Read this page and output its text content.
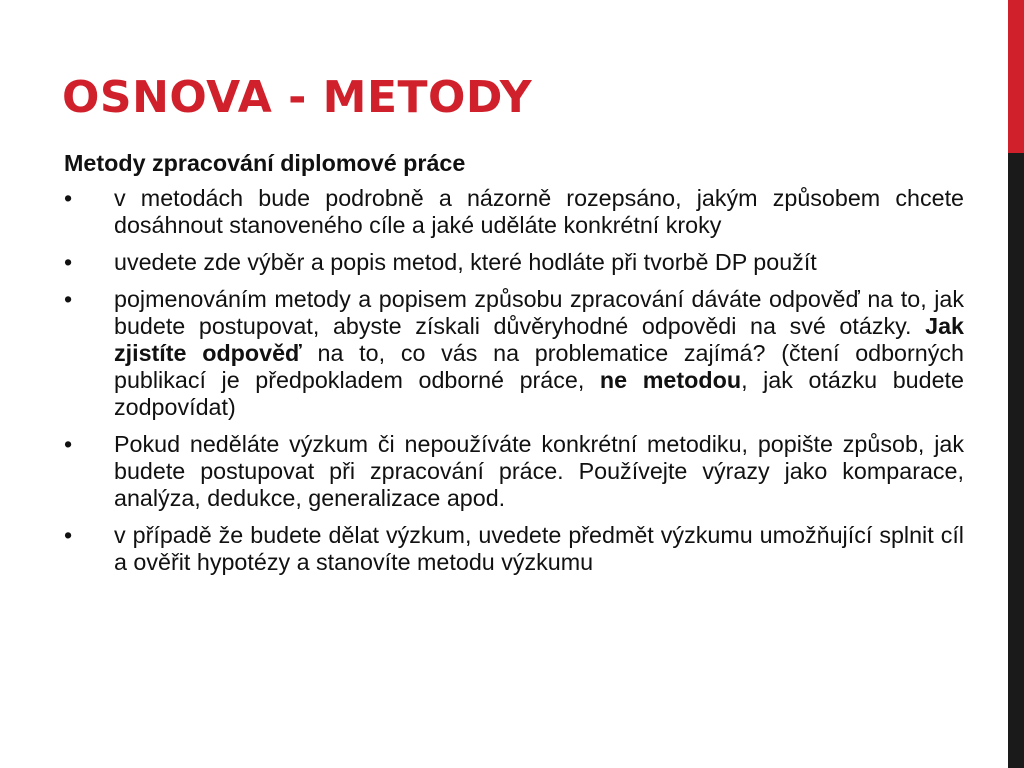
OSNOVA - METODY

Metody zpracování diplomové práce

• v metodách bude podrobně a názorně rozepsáno, jakým způsobem chcete dosáhnout stanoveného cíle a jaké uděláte konkrétní kroky
• uvedete zde výběr a popis metod, které hodláte při tvorbě DP použít
• pojmenováním metody a popisem způsobu zpracování dáváte odpověď na to, jak budete postupovat, abyste získali důvěryhodné odpovědi na své otázky. Jak zjistíte odpověď na to, co vás na problematice zajímá? (čtení odborných publikací je předpokladem odborné práce, ne metodou, jak otázku budete zodpovídat)
• Pokud neděláte výzkum či nepoužíváte konkrétní metodiku, popište způsob, jak budete postupovat při zpracování práce. Používejte výrazy jako komparace, analýza, dedukce, generalizace apod.
• v případě že budete dělat výzkum, uvedete předmět výzkumu umožňující splnit cíl a ověřit hypotézy a stanovíte metodu výzkumu
